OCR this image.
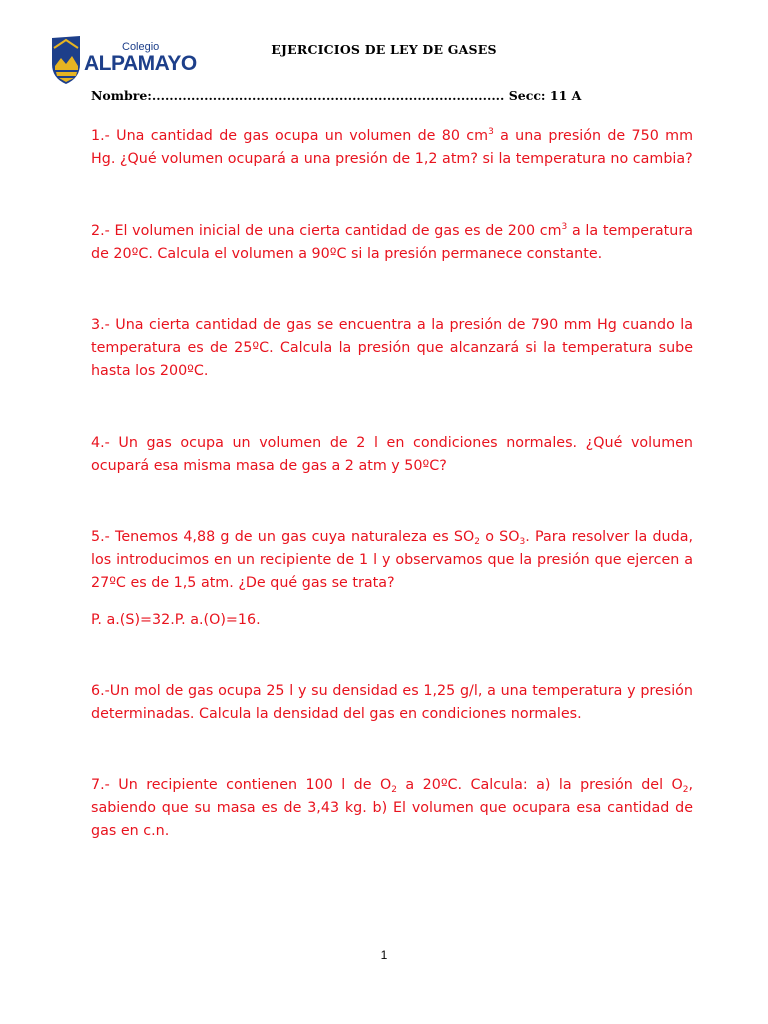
Colegio
ALPAMAYO
EJERCICIOS DE LEY DE GASES
Nombre:................................................................................. Secc: 11 A

1.- Una cantidad de gas ocupa un volumen de 80 $cm^3$ a una presión de 750 mm Hg. ¿Qué volumen ocupará a una presión de 1,2 atm? si la temperatura no cambia?

2.- El volumen inicial de una cierta cantidad de gas es de 200 $cm^3$ a la temperatura de 20ºC. Calcula el volumen a 90ºC si la presión permanece constante.

3.- Una cierta cantidad de gas se encuentra a la presión de 790 mm Hg cuando la temperatura es de 25ºC. Calcula la presión que alcanzará si la temperatura sube hasta los 200ºC.

4.- Un gas ocupa un volumen de 2 l en condiciones normales. ¿Qué volumen ocupará esa misma masa de gas a 2 atm y 50ºC?

5.- Tenemos 4,88 g de un gas cuya naturaleza es $SO_2$ o $SO_3$. Para resolver la duda, los introducimos en un recipiente de 1 l y observamos que la presión que ejercen a 27ºC es de 1,5 atm. ¿De qué gas se trata?

P. a.(S)=32.P. a.(O)=16.

6.-Un mol de gas ocupa 25 l y su densidad es 1,25 g/l, a una temperatura y presión determinadas. Calcula la densidad del gas en condiciones normales.

7.- Un recipiente contienen 100 l de $O_2$ a 20ºC. Calcula: a) la presión del $O_2$, sabiendo que su masa es de 3,43 kg. b) El volumen que ocupara esa cantidad de gas en c.n.

1
